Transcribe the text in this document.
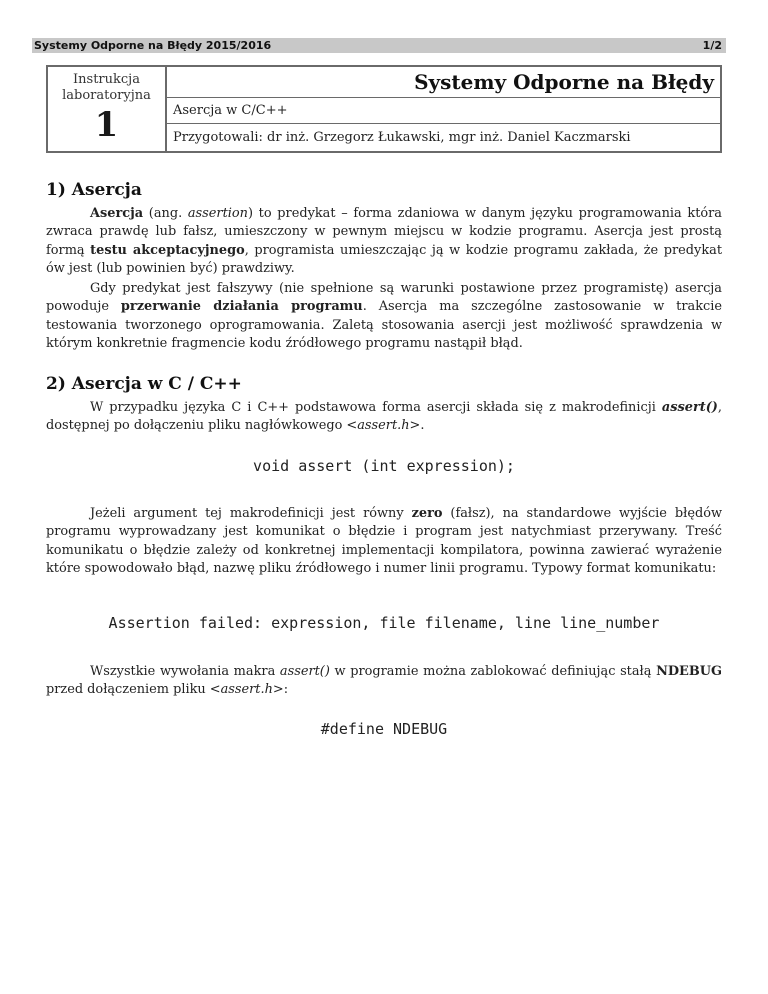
Systemy Odporne na Błędy 2015/2016	1/2
Instrukcja laboratoryjna
1
Systemy Odporne na Błędy
Asercja w C/C++
Przygotowali: dr inż. Grzegorz Łukawski, mgr inż. Daniel Kaczmarski
1) Asercja

Asercja (ang. assertion) to predykat – forma zdaniowa w danym języku programowania która zwraca prawdę lub fałsz, umieszczony w pewnym miejscu w kodzie programu. Asercja jest prostą formą testu akceptacyjnego, programista umieszczając ją w kodzie programu zakłada, że predykat ów jest (lub powinien być) prawdziwy.

Gdy predykat jest fałszywy (nie spełnione są warunki postawione przez programistę) asercja powoduje przerwanie działania programu. Asercja ma szczególne zastosowanie w trakcie testowania tworzonego oprogramowania. Zaletą stosowania asercji jest możliwość sprawdzenia w którym konkretnie fragmencie kodu źródłowego programu nastąpił błąd.

2) Asercja w C / C++

W przypadku języka C i C++ podstawowa forma asercji składa się z makrodefinicji assert(), dostępnej po dołączeniu pliku nagłówkowego <assert.h>.

void assert (int expression);

Jeżeli argument tej makrodefinicji jest równy zero (fałsz), na standardowe wyjście błędów programu wyprowadzany jest komunikat o błędzie i program jest natychmiast przerywany. Treść komunikatu o błędzie zależy od konkretnej implementacji kompilatora, powinna zawierać wyrażenie które spowodowało błąd, nazwę pliku źródłowego i numer linii programu. Typowy format komunikatu:

Assertion failed: expression, file filename, line line_number

Wszystkie wywołania makra assert() w programie można zablokować definiując stałą NDEBUG przed dołączeniem pliku <assert.h>:

#define NDEBUG
